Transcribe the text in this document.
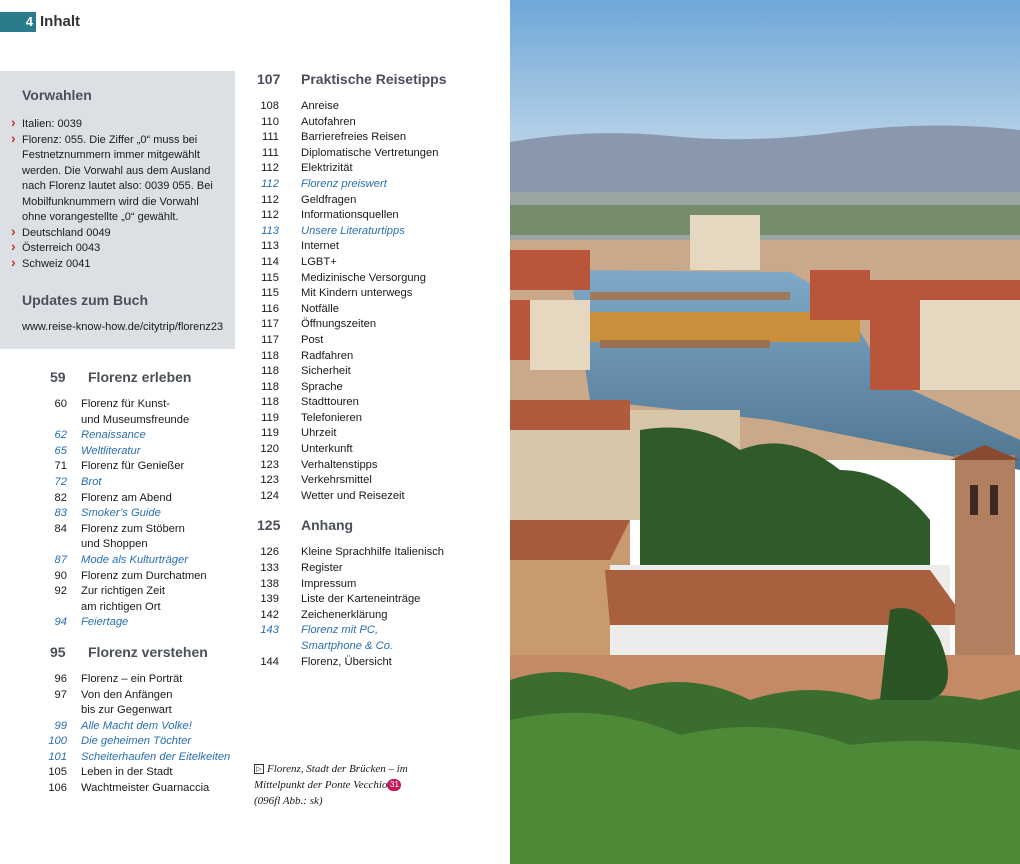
4 Inhalt
Vorwahlen
› Italien: 0039
› Florenz: 055. Die Ziffer „0“ muss bei Festnetznummern immer mitgewählt werden. Die Vorwahl aus dem Ausland nach Florenz lautet also: 0039 055. Bei Mobilfunknummern wird die Vorwahl ohne vorangestellte „0“ gewählt.
› Deutschland 0049
› Österreich 0043
› Schweiz 0041
Updates zum Buch
www.reise-know-how.de/citytrip/florenz23
59	Florenz erleben
60	Florenz für Kunst-
und Museumsfreunde
62	Renaissance
65	Weltliteratur
71	Florenz für Genießer
72	Brot
82	Florenz am Abend
83	Smoker’s Guide
84	Florenz zum Stöbern
und Shoppen
87	Mode als Kulturträger
90	Florenz zum Durchatmen
92	Zur richtigen Zeit
am richtigen Ort
94	Feiertage
95	Florenz verstehen
96	Florenz – ein Porträt
97	Von den Anfängen
bis zur Gegenwart
99	Alle Macht dem Volke!
100	Die geheimen Töchter
101	Scheiterhaufen der Eitelkeiten
105	Leben in der Stadt
106	Wachtmeister Guarnaccia
107	Praktische Reisetipps
108	Anreise
110	Autofahren
111	Barrierefreies Reisen
111	Diplomatische Vertretungen
112	Elektrizität
112	Florenz preiswert
112	Geldfragen
112	Informationsquellen
113	Unsere Literaturtipps
113	Internet
114	LGBT+
115	Medizinische Versorgung
115	Mit Kindern unterwegs
116	Notfälle
117	Öffnungszeiten
117	Post
118	Radfahren
118	Sicherheit
118	Sprache
118	Stadttouren
119	Telefonieren
119	Uhrzeit
120	Unterkunft
123	Verhaltenstipps
123	Verkehrsmittel
124	Wetter und Reisezeit
125	Anhang
126	Kleine Sprachhilfe Italienisch
133	Register
138	Impressum
139	Liste der Karteneinträge
142	Zeichenerklärung
143	Florenz mit PC,
Smartphone & Co.
144	Florenz, Übersicht
▷ Florenz, Stadt der Brücken – im Mittelpunkt der Ponte Vecchio 31
(096fl Abb.: sk)
